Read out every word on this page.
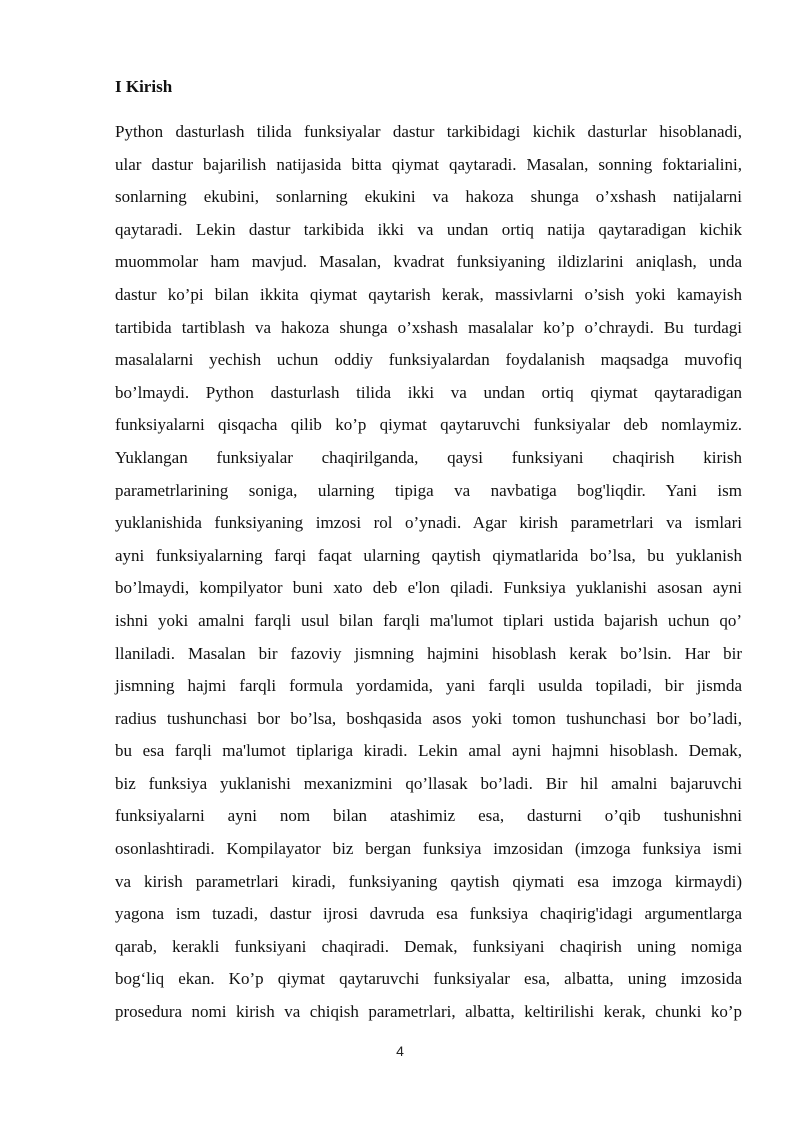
I Kirish
Python dasturlash tilida funksiyalar dastur tarkibidagi kichik dasturlar hisoblanadi,
ular dastur bajarilish natijasida bitta qiymat qaytaradi. Masalan, sonning foktarialini,
sonlarning ekubini, sonlarning ekukini va hakoza shunga o’xshash natijalarni
qaytaradi. Lekin dastur tarkibida ikki va undan ortiq natija qaytaradigan kichik
muommolar ham mavjud. Masalan, kvadrat funksiyaning ildizlarini aniqlash, unda
dastur ko’pi bilan ikkita qiymat qaytarish kerak, massivlarni o’sish yoki kamayish
tartibida tartiblash va hakoza shunga o’xshash masalalar ko’p o’chraydi. Bu turdagi
masalalarni yechish uchun oddiy funksiyalardan foydalanish maqsadga muvofiq
bo’lmaydi. Python dasturlash tilida ikki va undan ortiq qiymat qaytaradigan
funksiyalarni qisqacha qilib ko’p qiymat qaytaruvchi funksiyalar deb nomlaymiz.
Yuklangan funksiyalar chaqirilganda, qaysi funksiyani chaqirish kirish
parametrlarining soniga, ularning tipiga va navbatiga bog'liqdir. Yani ism
yuklanishida funksiyaning imzosi rol o’ynadi. Agar kirish parametrlari va ismlari
ayni funksiyalarning farqi faqat ularning qaytish qiymatlarida bo’lsa, bu yuklanish
bo’lmaydi, kompilyator buni xato deb e'lon qiladi. Funksiya yuklanishi asosan ayni
ishni yoki amalni farqli usul bilan farqli ma'lumot tiplari ustida bajarish uchun qo’
llaniladi. Masalan bir fazoviy jismning hajmini hisoblash kerak bo’lsin. Har bir
jismning hajmi farqli formula yordamida, yani farqli usulda topiladi, bir jismda
radius tushunchasi bor bo’lsa, boshqasida asos yoki tomon tushunchasi bor bo’ladi,
bu esa farqli ma'lumot tiplariga kiradi. Lekin amal ayni hajmni hisoblash. Demak,
biz funksiya yuklanishi mexanizmini qo’llasak bo’ladi. Bir hil amalni bajaruvchi
funksiyalarni ayni nom bilan atashimiz esa, dasturni o’qib tushunishni
osonlashtiradi. Kompilayator biz bergan funksiya imzosidan (imzoga funksiya ismi
va kirish parametrlari kiradi, funksiyaning qaytish qiymati esa imzoga kirmaydi)
yagona ism tuzadi, dastur ijrosi davruda esa funksiya chaqirig'idagi argumentlarga
qarab, kerakli funksiyani chaqiradi. Demak, funksiyani chaqirish uning nomiga
bog‘liq ekan. Ko’p qiymat qaytaruvchi funksiyalar esa, albatta, uning imzosida
prosedura nomi kirish va chiqish parametrlari, albatta, keltirilishi kerak, chunki ko’p
4
